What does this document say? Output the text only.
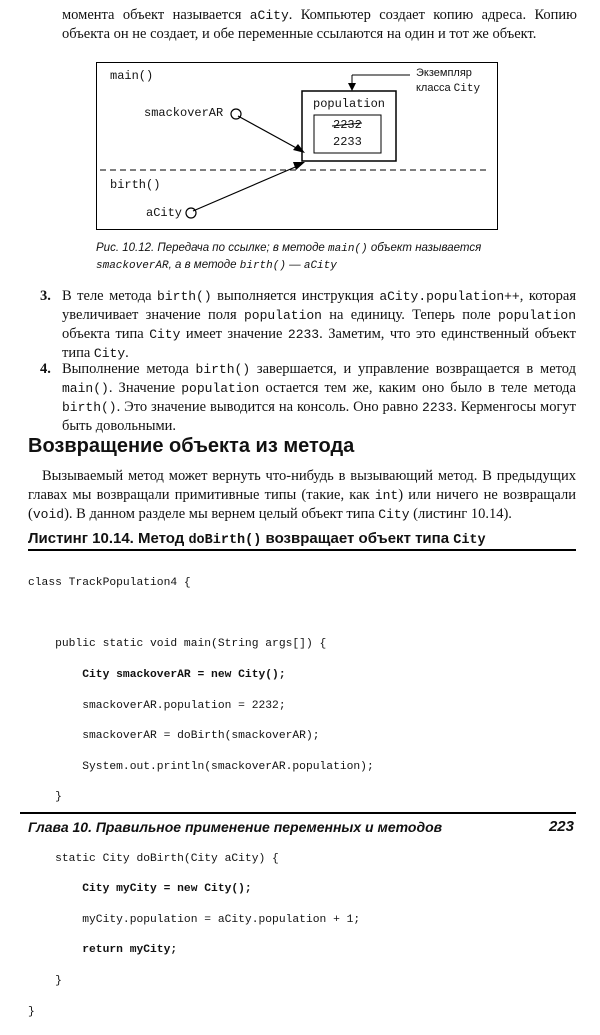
момента объект называется aCity. Компьютер создает копию адреса. Копию объекта он не создает, и обе переменные ссылаются на один и тот же объект.
main()
smackoverAR
population
2232
2233
birth()
aCity
Экземпляр
класса City
Рис. 10.12. Передача по ссылке; в методе main() объект называется
smackoverAR, а в методе birth() — aCity
3. В теле метода birth() выполняется инструкция aCity.population++, которая увеличивает значение поля population на единицу. Теперь поле population объекта типа City имеет значение 2233. Заметим, что это единственный объект типа City.
4. Выполнение метода birth() завершается, и управление возвращается в метод main(). Значение population остается тем же, каким оно было в теле метода birth(). Это значение выводится на консоль. Оно равно 2233. Керменгосы могут быть довольными.
Возвращение объекта из метода
Вызываемый метод может вернуть что-нибудь в вызывающий метод. В предыдущих главах мы возвращали примитивные типы (такие, как int) или ничего не возвращали (void). В данном разделе мы вернем целый объект типа City (листинг 10.14).
Листинг 10.14. Метод doBirth() возвращает объект типа City

class TrackPopulation4 {

public static void main(String args[]) {

City smackoverAR = new City();

smackoverAR.population = 2232;

smackoverAR = doBirth(smackoverAR);

System.out.println(smackoverAR.population);

}

static City doBirth(City aCity) {

City myCity = new City();

myCity.population = aCity.population + 1;

return myCity;

}

}

Глава 10. Правильное применение переменных и методов	223
